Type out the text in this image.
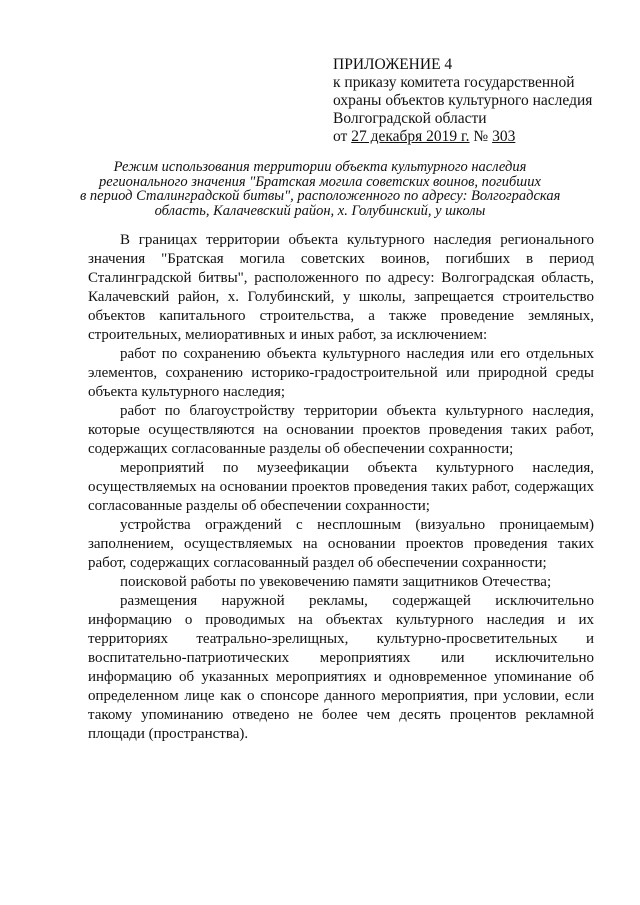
ПРИЛОЖЕНИЕ 4
к приказу комитета государственной
охраны объектов культурного наследия
Волгоградской области
от 27 декабря 2019 г. № 303
Режим использования территории объекта культурного наследия
регионального значения "Братская могила советских воинов, погибших
в период Сталинградской битвы", расположенного по адресу: Волгоградская
область, Калачевский район, х. Голубинский, у школы

В границах территории объекта культурного наследия регионального значения "Братская могила советских воинов, погибших в период Сталинградской битвы", расположенного по адресу: Волгоградская область, Калачевский район, х. Голубинский, у школы, запрещается строительство объектов капитального строительства, а также проведение земляных, строительных, мелиоративных и иных работ, за исключением:

работ по сохранению объекта культурного наследия или его отдельных элементов, сохранению историко-градостроительной или природной среды объекта культурного наследия;

работ по благоустройству территории объекта культурного наследия, которые осуществляются на основании проектов проведения таких работ, содержащих согласованные разделы об обеспечении сохранности;

мероприятий по музеефикации объекта культурного наследия, осуществляемых на основании проектов проведения таких работ, содержащих согласованные разделы об обеспечении сохранности;

устройства ограждений с несплошным (визуально проницаемым) заполнением, осуществляемых на основании проектов проведения таких работ, содержащих согласованный раздел об обеспечении сохранности;

поисковой работы по увековечению памяти защитников Отечества;

размещения наружной рекламы, содержащей исключительно информацию о проводимых на объектах культурного наследия и их территориях театрально-зрелищных, культурно-просветительных и воспитательно-патриотических мероприятиях или исключительно информацию об указанных мероприятиях и одновременное упоминание об определенном лице как о спонсоре данного мероприятия, при условии, если такому упоминанию отведено не более чем десять процентов рекламной площади (пространства).
